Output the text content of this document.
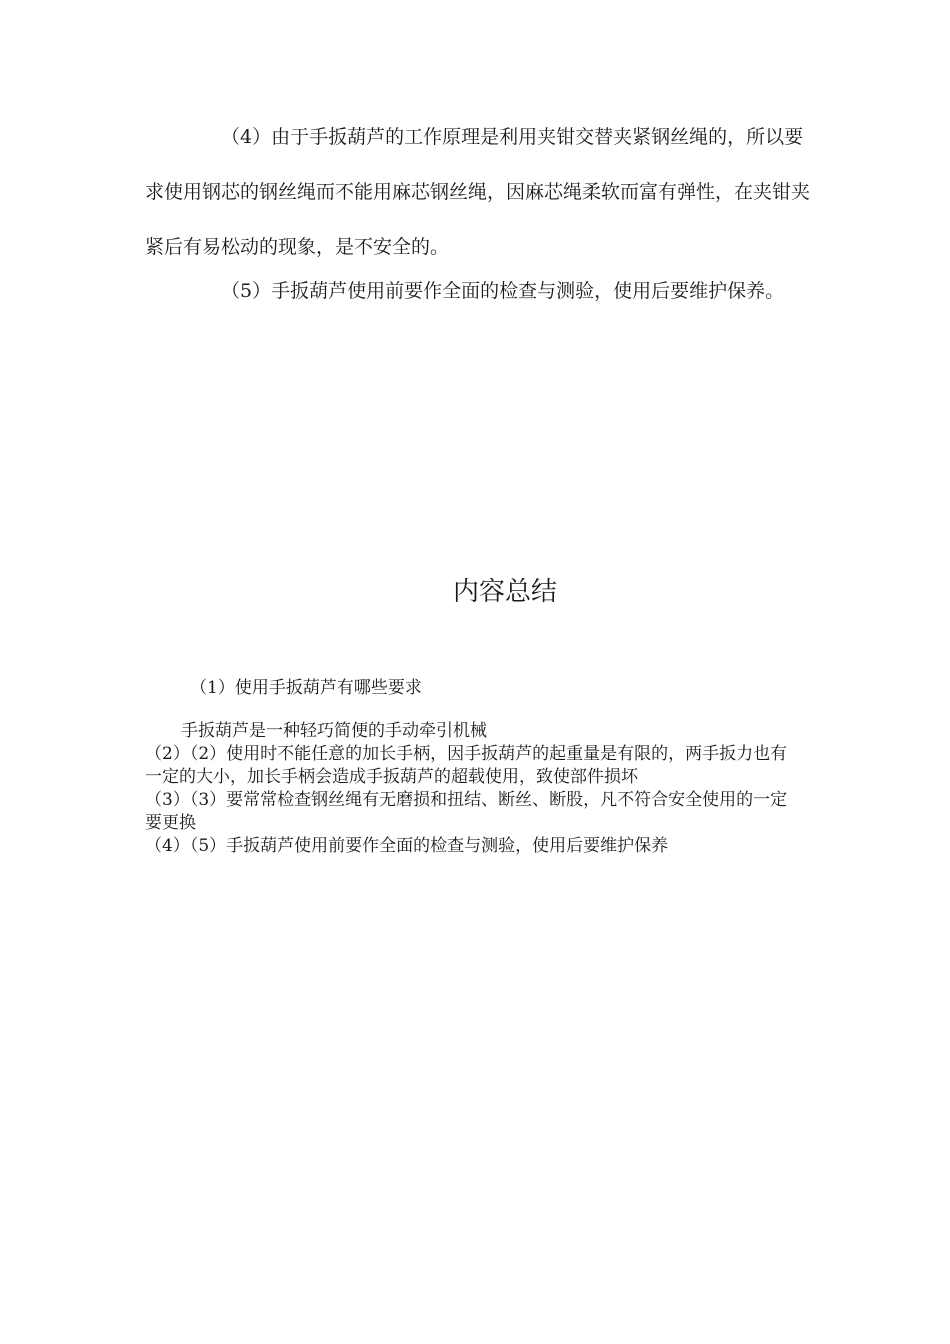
（4）由于手扳葫芦的工作原理是利用夹钳交替夹紧钢丝绳的，所以要求使用钢芯的钢丝绳而不能用麻芯钢丝绳，因麻芯绳柔软而富有弹性，在夹钳夹紧后有易松动的现象，是不安全的。

（5）手扳葫芦使用前要作全面的检查与测验，使用后要维护保养。

内容总结

（1）使用手扳葫芦有哪些要求

手扳葫芦是一种轻巧简便的手动牵引机械
（2）（2）使用时不能任意的加长手柄，因手扳葫芦的起重量是有限的，两手扳力也有一定的大小，加长手柄会造成手扳葫芦的超载使用，致使部件损坏
（3）（3）要常常检查钢丝绳有无磨损和扭结、断丝、断股，凡不符合安全使用的一定要更换
（4）（5）手扳葫芦使用前要作全面的检查与测验，使用后要维护保养
